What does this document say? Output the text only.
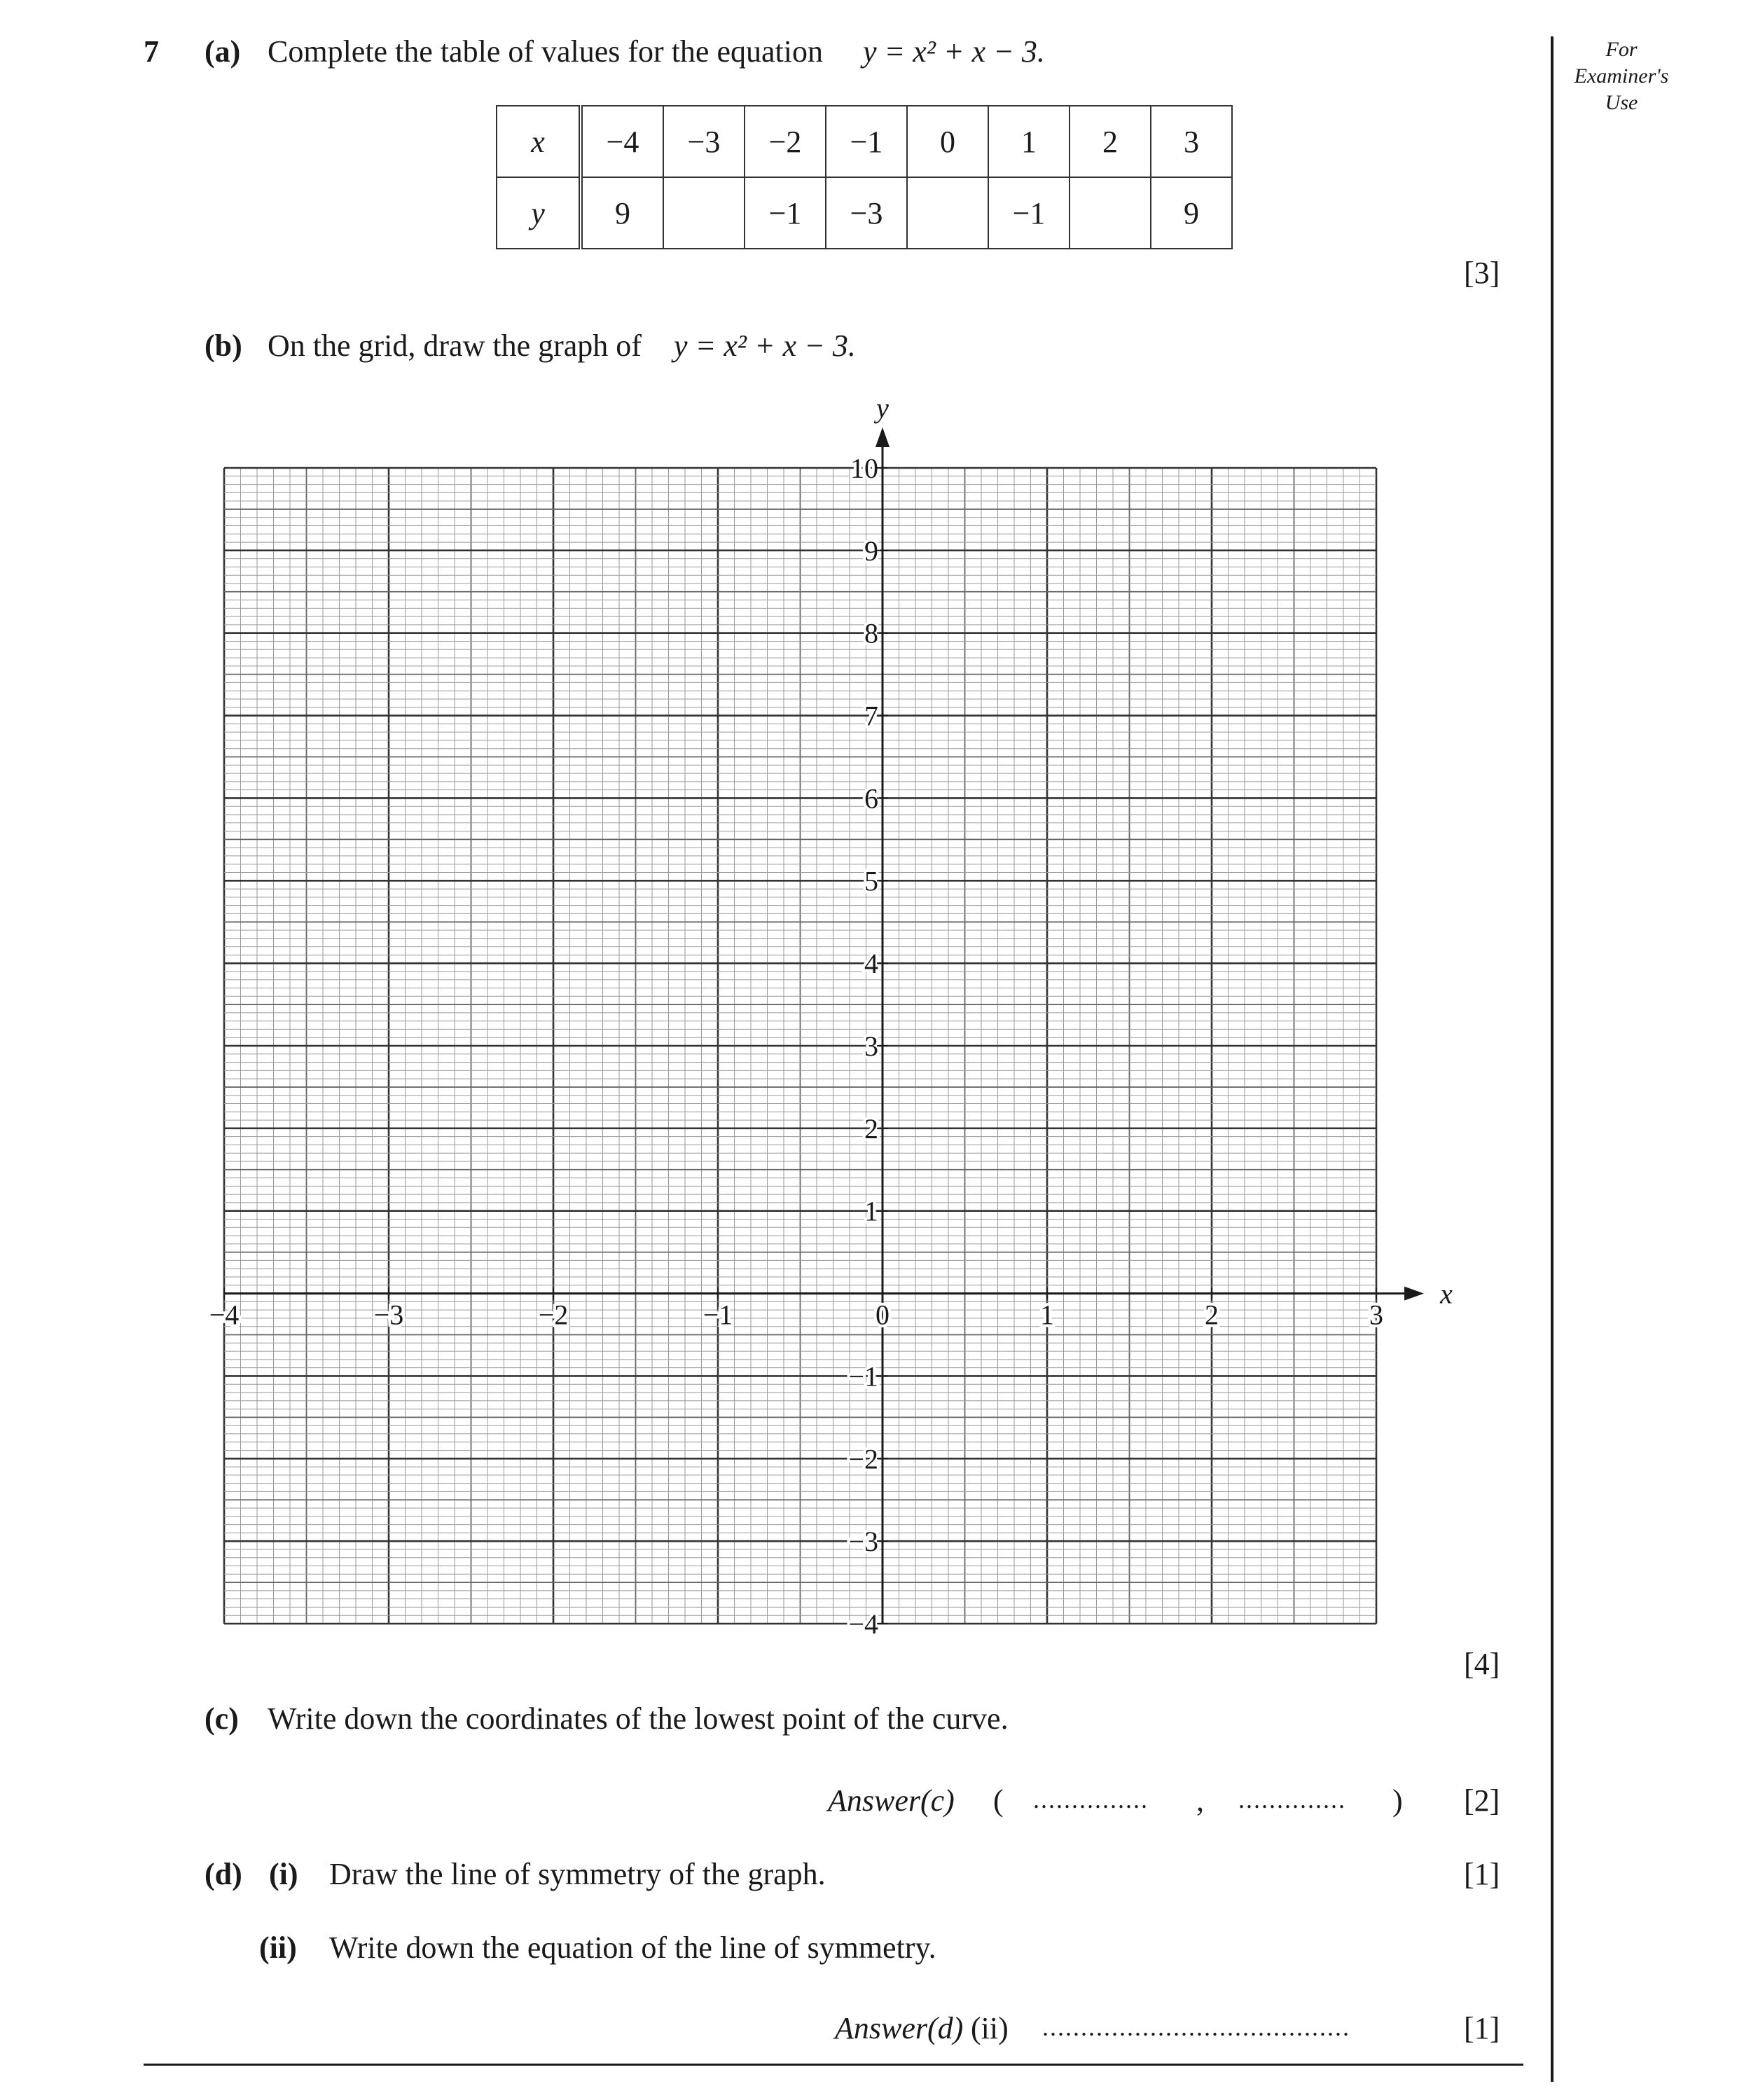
7	For
Examiner's
Use
(a) Complete the table of values for the equation y = x² + x − 3.
x	−4	−3	−2	−1	0	1	2	3
y	9		−1	−3		−1		9
[3]
(b) On the grid, draw the graph of y = x² + x − 3.
y
x
−4	−3	−2	−1	0	1	2	3
10
9
8
7
6
5
4
3
2
1
−1
−2
−3
−4
[4]
(c) Write down the coordinates of the lowest point of the curve.
Answer(c) ( ............... , .............. ) [2]
(d) (i) Draw the line of symmetry of the graph.	[1]
(ii) Write down the equation of the line of symmetry.
Answer(d) (ii) ........................................	[1]
